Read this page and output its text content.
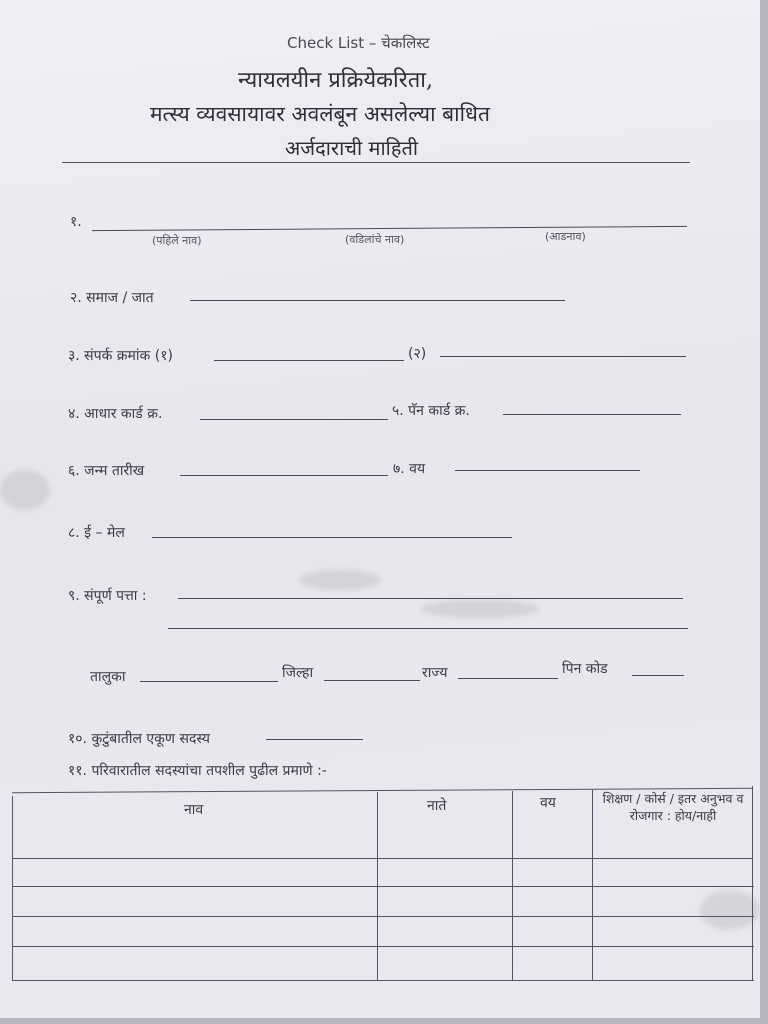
Check List – चेकलिस्ट
न्यायलयीन प्रक्रियेकरिता,
मत्स्य व्यवसायावर अवलंबून असलेल्या बाधित
अर्जदाराची माहिती
१.
(पहिले नाव)	(वडिलांचे नाव)	(आडनाव)
२. समाज / जात
३. संपर्क क्रमांक (१)	(२)
४. आधार कार्ड क्र.	५. पॅन कार्ड क्र.
६. जन्म तारीख	७. वय
८. ई – मेल
९. संपूर्ण पत्ता :
तालुका	जिल्हा	राज्य	पिन कोड
१०. कुटुंबातील एकूण सदस्य
११. परिवारातील सदस्यांचा तपशील पुढील प्रमाणे :-
नाव	नाते	वय	शिक्षण / कोर्स / इतर अनुभव व रोजगार : होय/नाही
